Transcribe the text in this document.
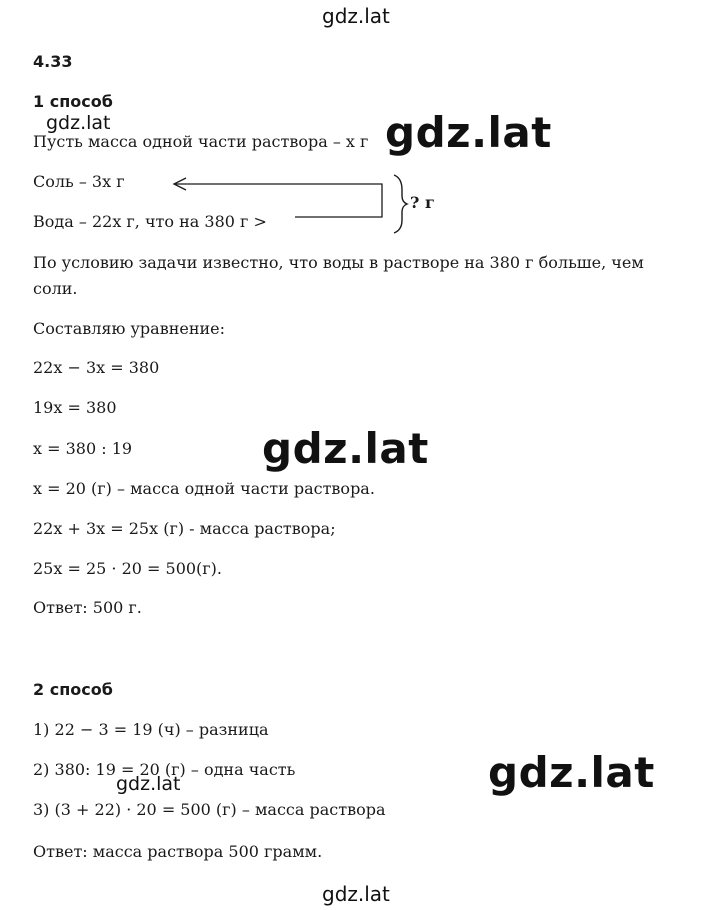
gdz.lat
gdz.lat	gdz.lat
gdz.lat
gdz.lat
gdz.lat
gdz.lat
4.33
1 способ
Пусть масса одной части раствора – x г
Соль – 3x г
Вода – 22x г, что на 380 г >
? г
По условию задачи известно, что воды в растворе на 380 г больше, чем
соли.
Составляю уравнение:
22x − 3x = 380
19x = 380
x = 380 : 19
x = 20 (г) – масса одной части раствора.
22x + 3x = 25x (г) - масса раствора;
25x = 25 · 20 = 500(г).
Ответ: 500 г.
2 способ
1) 22 − 3 = 19 (ч) – разница
2) 380: 19 = 20 (г) – одна часть
3) (3 + 22) · 20 = 500 (г) – масса раствора
Ответ: масса раствора 500 грамм.
